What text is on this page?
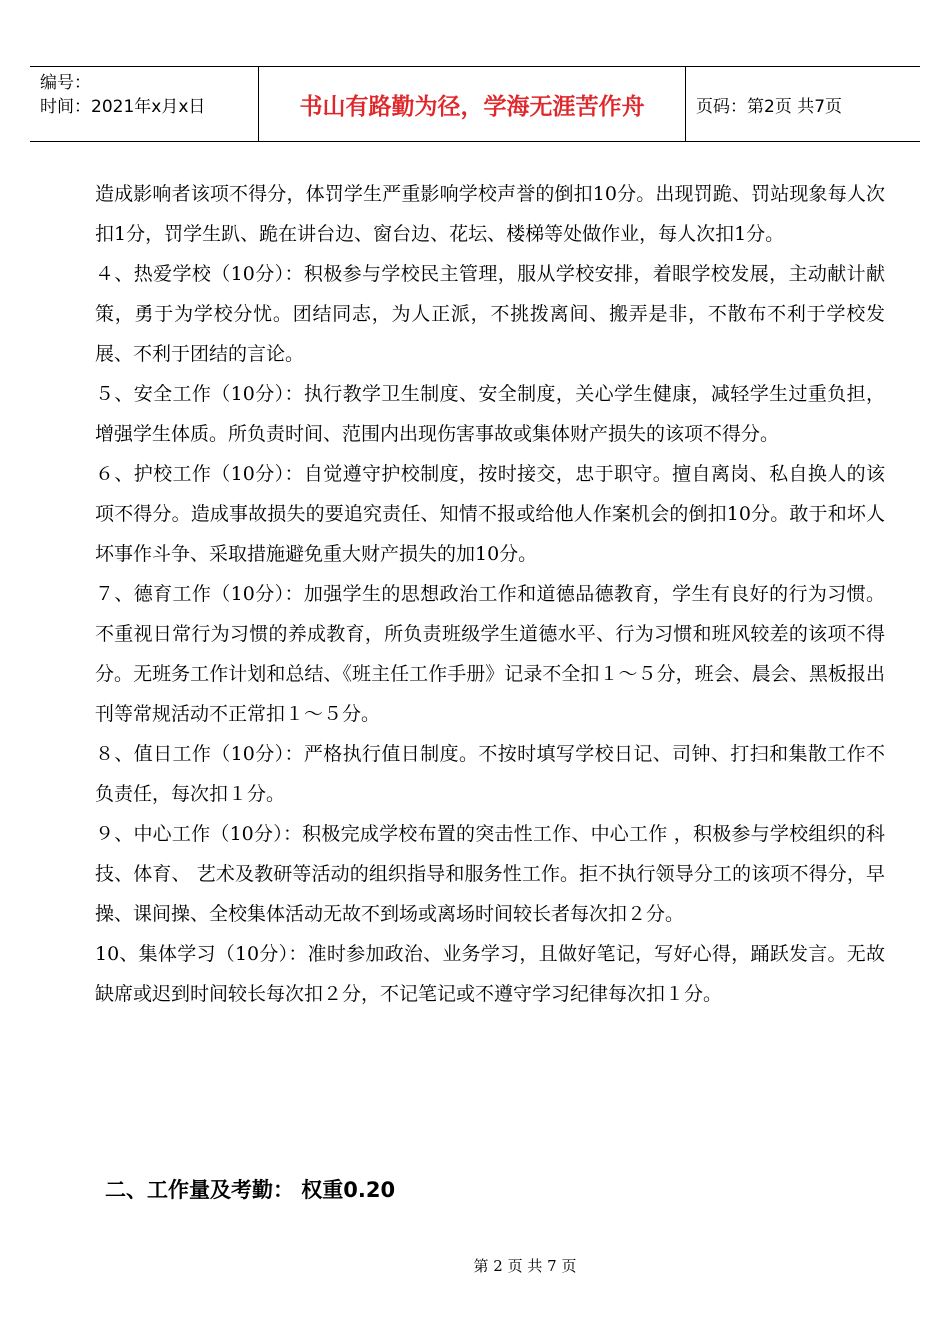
编号：
时间：2021年x月x日	书山有路勤为径，学海无涯苦作舟	页码：第2页 共7页

造成影响者该项不得分，体罚学生严重影响学校声誉的倒扣10分。出现罚跪、罚站现象每人次扣1分，罚学生趴、跪在讲台边、窗台边、花坛、楼梯等处做作业，每人次扣1分。

４、热爱学校（10分）：积极参与学校民主管理，服从学校安排，着眼学校发展，主动献计献策，勇于为学校分忧。团结同志，为人正派，不挑拨离间、搬弄是非，不散布不利于学校发展、不利于团结的言论。

５、安全工作（10分）：执行教学卫生制度、安全制度，关心学生健康，减轻学生过重负担，增强学生体质。所负责时间、范围内出现伤害事故或集体财产损失的该项不得分。

６、护校工作（10分）：自觉遵守护校制度，按时接交，忠于职守。擅自离岗、私自换人的该项不得分。造成事故损失的要追究责任、知情不报或给他人作案机会的倒扣10分。敢于和坏人坏事作斗争、采取措施避免重大财产损失的加10分。

７、德育工作（10分）：加强学生的思想政治工作和道德品德教育，学生有良好的行为习惯。不重视日常行为习惯的养成教育，所负责班级学生道德水平、行为习惯和班风较差的该项不得分。无班务工作计划和总结、《班主任工作手册》记录不全扣１～５分，班会、晨会、黑板报出刊等常规活动不正常扣１～５分。

８、值日工作（10分）：严格执行值日制度。不按时填写学校日记、司钟、打扫和集散工作不负责任，每次扣１分。

９、中心工作（10分）：积极完成学校布置的突击性工作、中心工作 ，积极参与学校组织的科技、体育、 艺术及教研等活动的组织指导和服务性工作。拒不执行领导分工的该项不得分，早操、课间操、全校集体活动无故不到场或离场时间较长者每次扣２分。

10、集体学习（10分）：准时参加政治、业务学习，且做好笔记，写好心得，踊跃发言。无故缺席或迟到时间较长每次扣２分，不记笔记或不遵守学习纪律每次扣１分。

二、工作量及考勤： 权重0.20
第 2 页 共 7 页
